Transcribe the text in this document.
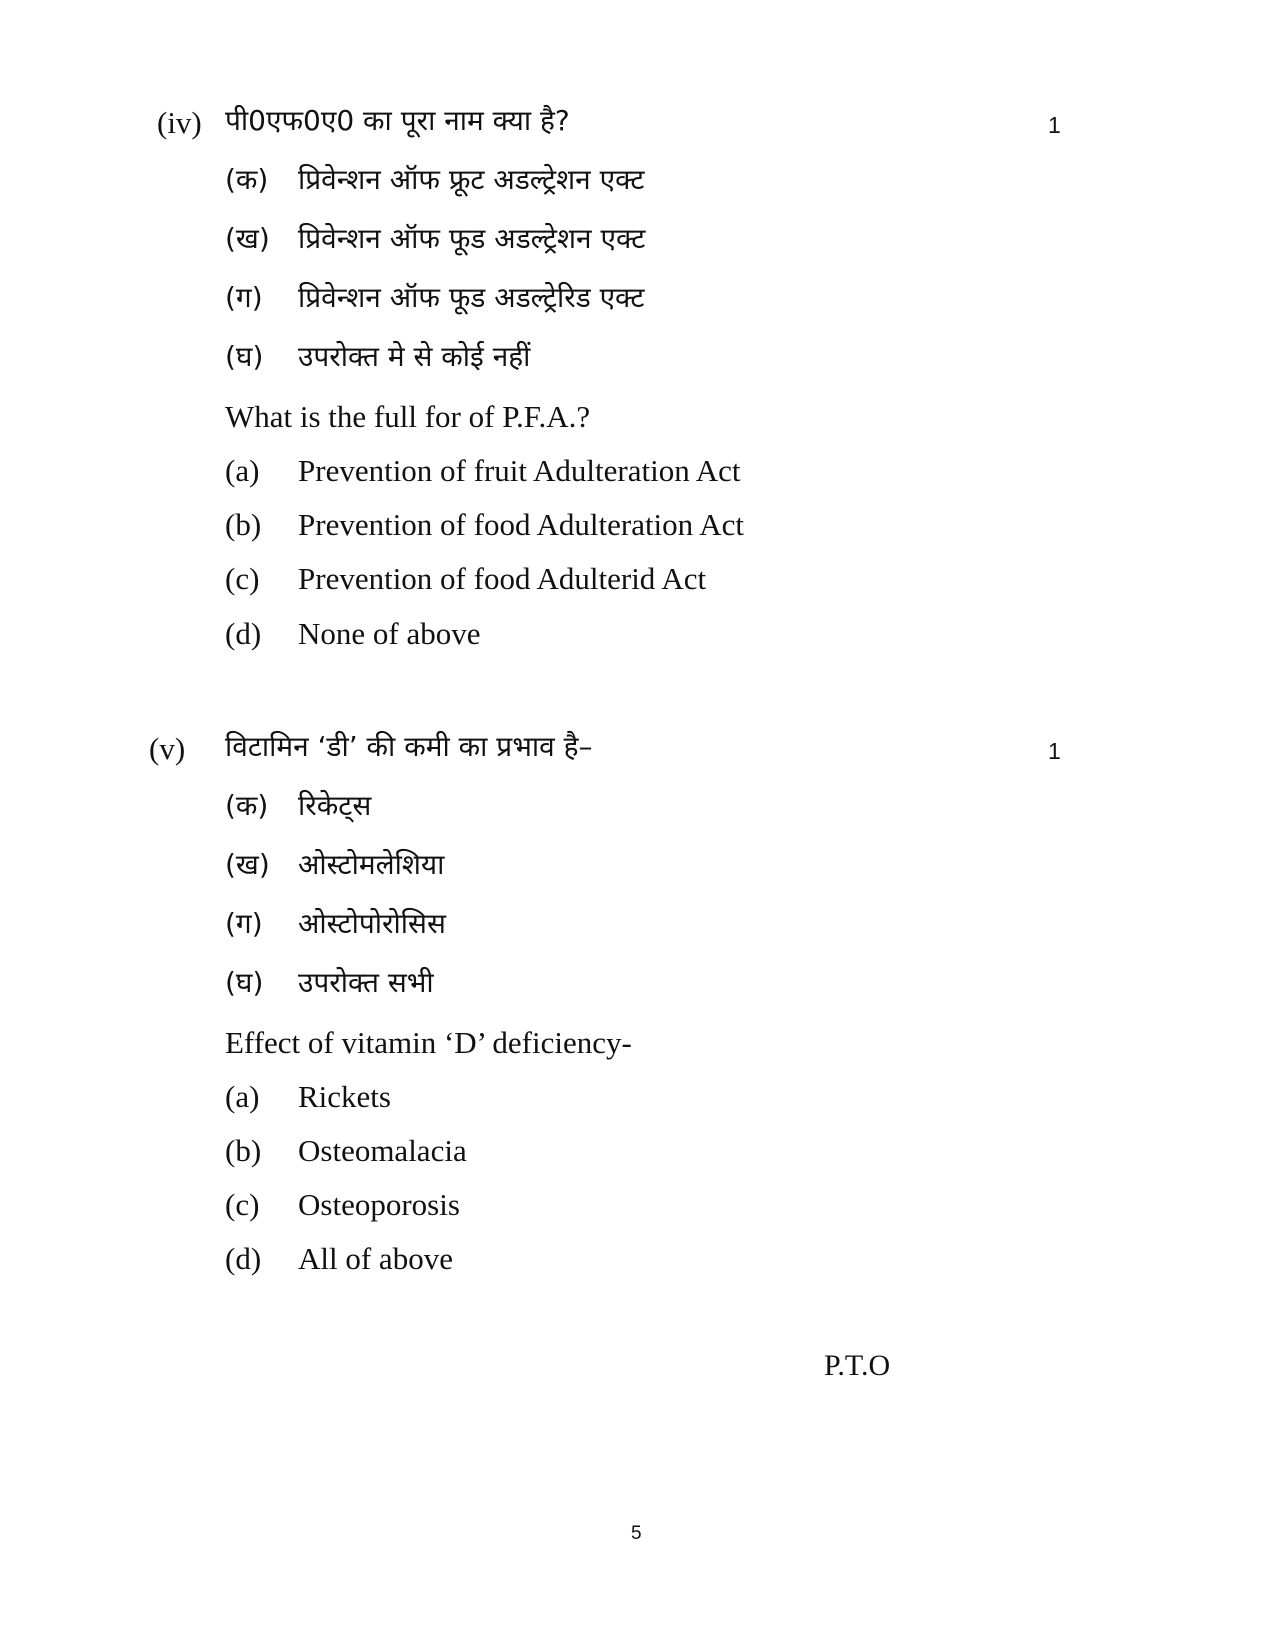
(iv) पी0एफ0ए0 का पूरा नाम क्या है?	1
(क) प्रिवेन्शन ऑफ फ्रूट अडल्ट्रेशन एक्ट
(ख) प्रिवेन्शन ऑफ फूड अडल्ट्रेशन एक्ट
(ग) प्रिवेन्शन ऑफ फूड अडल्ट्रेरिड एक्ट
(घ) उपरोक्त मे से कोई नहीं
What is the full for of P.F.A.?
(a) Prevention of fruit Adulteration Act
(b) Prevention of food Adulteration Act
(c) Prevention of food Adulterid Act
(d) None of above
(v) विटामिन ‘डी’ की कमी का प्रभाव है–	1
(क) रिकेट्स
(ख) ओस्टोमलेशिया
(ग) ओस्टोपोरोसिस
(घ) उपरोक्त सभी
Effect of vitamin ‘D’ deficiency-
(a) Rickets
(b) Osteomalacia
(c) Osteoporosis
(d) All of above
P.T.O
5
